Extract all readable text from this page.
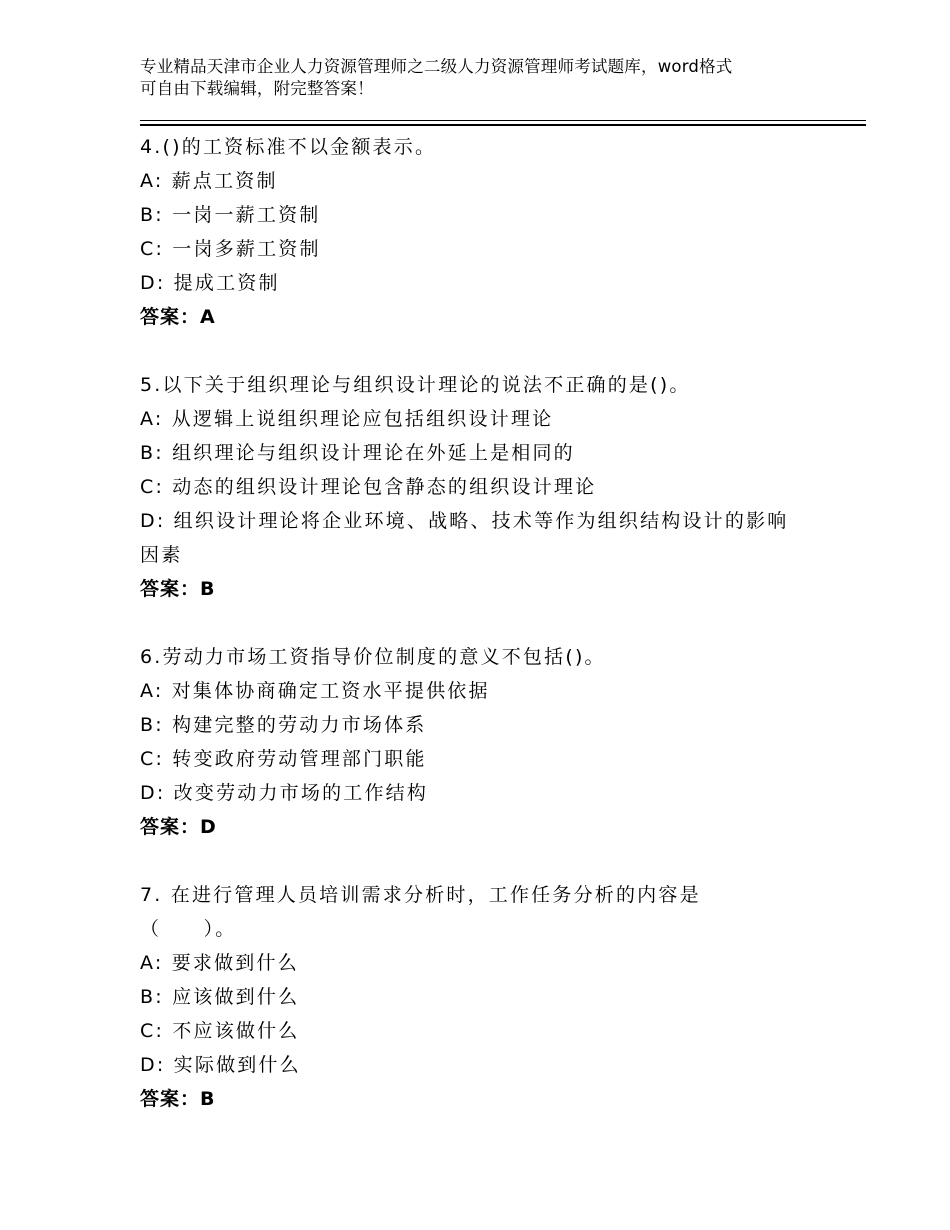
专业精品天津市企业人力资源管理师之二级人力资源管理师考试题库，word格式
可自由下载编辑，附完整答案！
4.()的工资标准不以金额表示。
A: 薪点工资制
B: 一岗一薪工资制
C: 一岗多薪工资制
D: 提成工资制
答案：A
5.以下关于组织理论与组织设计理论的说法不正确的是()。
A: 从逻辑上说组织理论应包括组织设计理论
B: 组织理论与组织设计理论在外延上是相同的
C: 动态的组织设计理论包含静态的组织设计理论
D: 组织设计理论将企业环境、战略、技术等作为组织结构设计的影响
因素
答案：B
6.劳动力市场工资指导价位制度的意义不包括()。
A: 对集体协商确定工资水平提供依据
B: 构建完整的劳动力市场体系
C: 转变政府劳动管理部门职能
D: 改变劳动力市场的工作结构
答案：D
7. 在进行管理人员培训需求分析时，工作任务分析的内容是
（　　）。
A: 要求做到什么
B: 应该做到什么
C: 不应该做什么
D: 实际做到什么
答案：B
